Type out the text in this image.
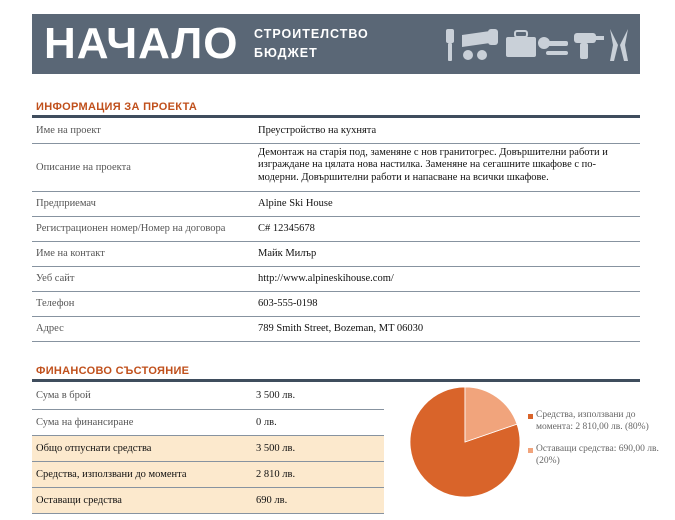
НАЧАЛО СТРОИТЕЛСТВО
БЮДЖЕТ
ИНФОРМАЦИЯ ЗА ПРОЕКТА
Име на проект	Преустройство на кухнята
Описание на проекта	Демонтаж на старія под, заменяне с нов гранитогрес. Довършителни работи и изграждане на цялата нова настилка. Заменяне на сегашните шкафове с по-модерни. Довършителни работи и напасване на всички шкафове.
Предприемач	Alpine Ski House
Регистрационен номер/Номер на договора	C# 12345678
Име на контакт	Майк Милър
Уеб сайт	http://www.alpineskihouse.com/
Телефон	603-555-0198
Адрес	789 Smith Street, Bozeman, MT 06030
ФИНАНСОВО СЪСТОЯНИЕ
Сума в брой	3 500 лв.
Сума на финансиране	0 лв.
Общо отпуснати средства	3 500 лв.
Средства, използвани до момента	2 810 лв.
Оставащи средства	690 лв.
Средства, използвани до момента: 2 810,00 лв. (80%)
Оставащи средства: 690,00 лв. (20%)
